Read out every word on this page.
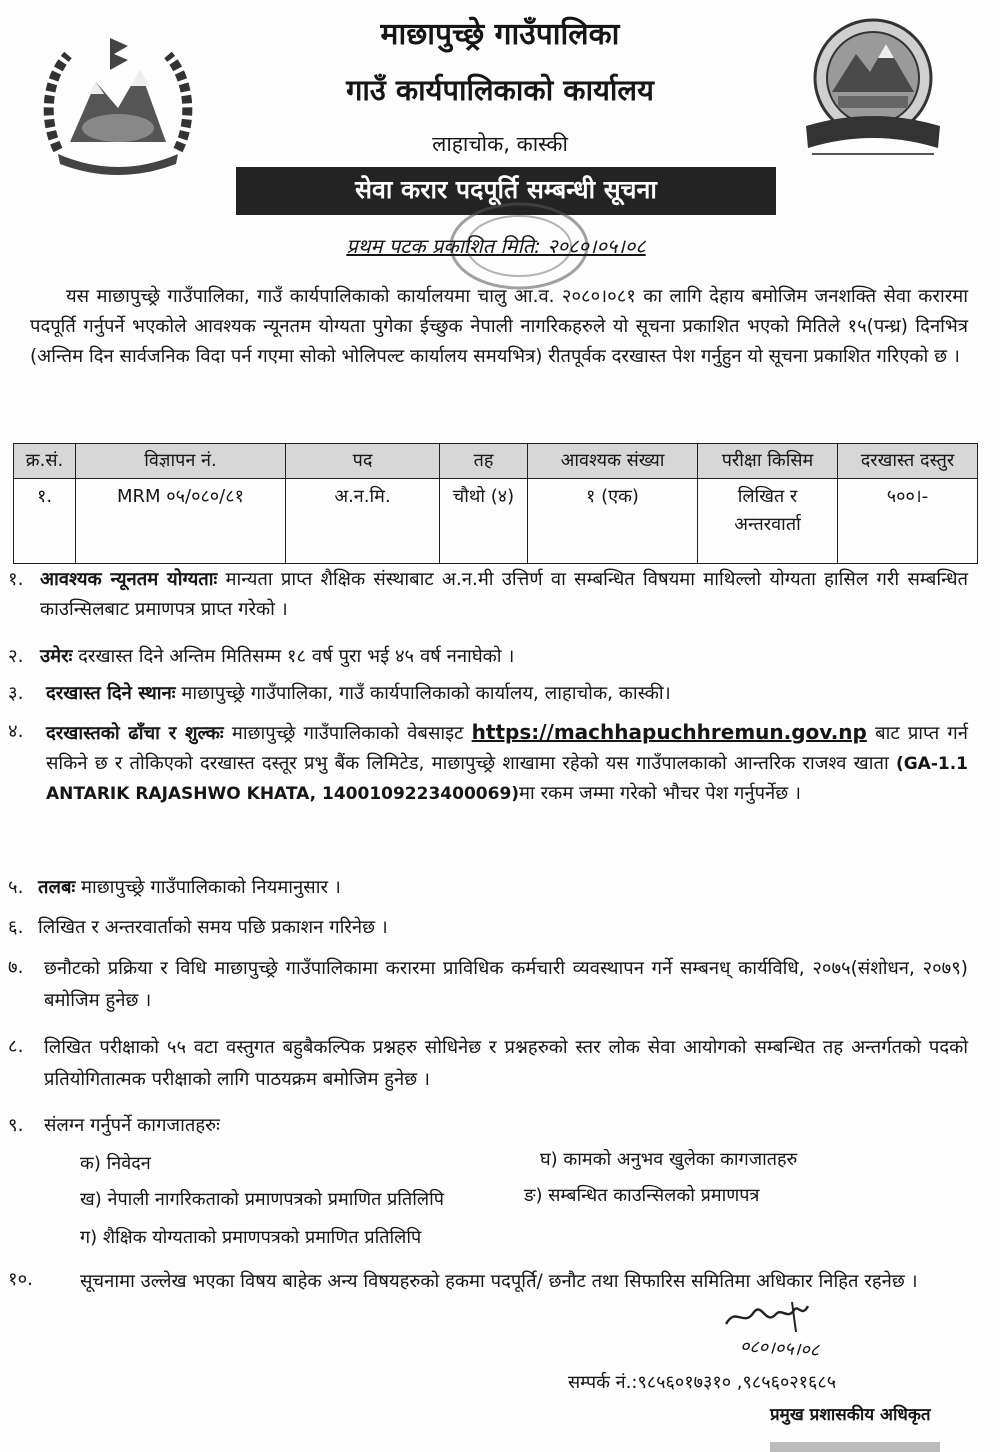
माछापुच्छ्रे गाउँपालिका
गाउँ कार्यपालिकाको कार्यालय
लाहाचोक, कास्की
सेवा करार पदपूर्ति सम्बन्धी सूचना
प्रथम पटक प्रकाशित मिति: २०८०।०५।०८
यस माछापुच्छ्रे गाउँपालिका, गाउँ कार्यपालिकाको कार्यालयमा चालु आ.व. २०८०।०८१ का लागि देहाय बमोजिम जनशक्ति सेवा करारमा पदपूर्ति गर्नुपर्ने भएकोले आवश्यक न्यूनतम योग्यता पुगेका ईच्छुक नेपाली नागरिकहरुले यो सूचना प्रकाशित भएको मितिले १५(पन्ध्र) दिनभित्र (अन्तिम दिन सार्वजनिक विदा पर्न गएमा सोको भोलिपल्ट कार्यालय समयभित्र) रीतपूर्वक दरखास्त पेश गर्नुहुन यो सूचना प्रकाशित गरिएको छ ।
क्र.सं.	विज्ञापन नं.	पद	तह	आवश्यक संख्या	परीक्षा किसिम	दरखास्त दस्तुर
१.	MRM ०५/०८०/८१	अ.न.मि.	चौथो (४)	१ (एक)	लिखित र अन्तरवार्ता	५००।-
१. आवश्यक न्यूनतम योग्यताः मान्यता प्राप्त शैक्षिक संस्थाबाट अ.न.मी उत्तिर्ण वा सम्बन्धित विषयमा माथिल्लो योग्यता हासिल गरी सम्बन्धित काउन्सिलबाट प्रमाणपत्र प्राप्त गरेको ।
२. उमेरः दरखास्त दिने अन्तिम मितिसम्म १८ वर्ष पुरा भई ४५ वर्ष ननाघेको ।
३.	दरखास्त दिने स्थानः माछापुच्छ्रे गाउँपालिका, गाउँ कार्यपालिकाको कार्यालय, लाहाचोक, कास्की।
४.	दरखास्तको ढाँचा र शुल्कः माछापुच्छ्रे गाउँपालिकाको वेबसाइट https://machhapuchhremun.gov.np बाट प्राप्त गर्न सकिने छ र तोकिएको दरखास्त दस्तूर प्रभु बैंक लिमिटेड, माछापुच्छ्रे शाखामा रहेको यस गाउँपालकाको आन्तरिक राजश्व खाता (GA-1.1 ANTARIK RAJASHWO KHATA, 1400109223400069)मा रकम जम्मा गरेको भौचर पेश गर्नुपर्नेछ ।
५. तलबः माछापुच्छ्रे गाउँपालिकाको नियमानुसार ।
६. लिखित र अन्तरवार्ताको समय पछि प्रकाशन गरिनेछ ।
७.	छनौटको प्रक्रिया र विधि माछापुच्छ्रे गाउँपालिकामा करारमा प्राविधिक कर्मचारी व्यवस्थापन गर्ने सम्बनध् कार्यविधि, २०७५(संशोधन, २०७९) बमोजिम हुनेछ ।
८.	लिखित परीक्षाको ५५ वटा वस्तुगत बहुबैकल्पिक प्रश्नहरु सोधिनेछ र प्रश्नहरुको स्तर लोक सेवा आयोगको सम्बन्धित तह अन्तर्गतको पदको प्रतियोगितात्मक परीक्षाको लागि पाठयक्रम बमोजिम हुनेछ ।
९.	संलग्न गर्नुपर्ने कागजातहरुः
क) निवेदन	घ) कामको अनुभव खुलेका कागजातहरु
ख) नेपाली नागरिकताको प्रमाणपत्रको प्रमाणित प्रतिलिपि	ङ) सम्बन्धित काउन्सिलको प्रमाणपत्र
ग) शैक्षिक योग्यताको प्रमाणपत्रको प्रमाणित प्रतिलिपि
१०.	सूचनामा उल्लेख भएका विषय बाहेक अन्य विषयहरुको हकमा पदपूर्ति/ छनौट तथा सिफारिस समितिमा अधिकार निहित रहनेछ ।
०८०।०५।०८
सम्पर्क नं.:९८५६०१७३१० ,९८५६०२१६८५
प्रमुख प्रशासकीय अधिकृत
